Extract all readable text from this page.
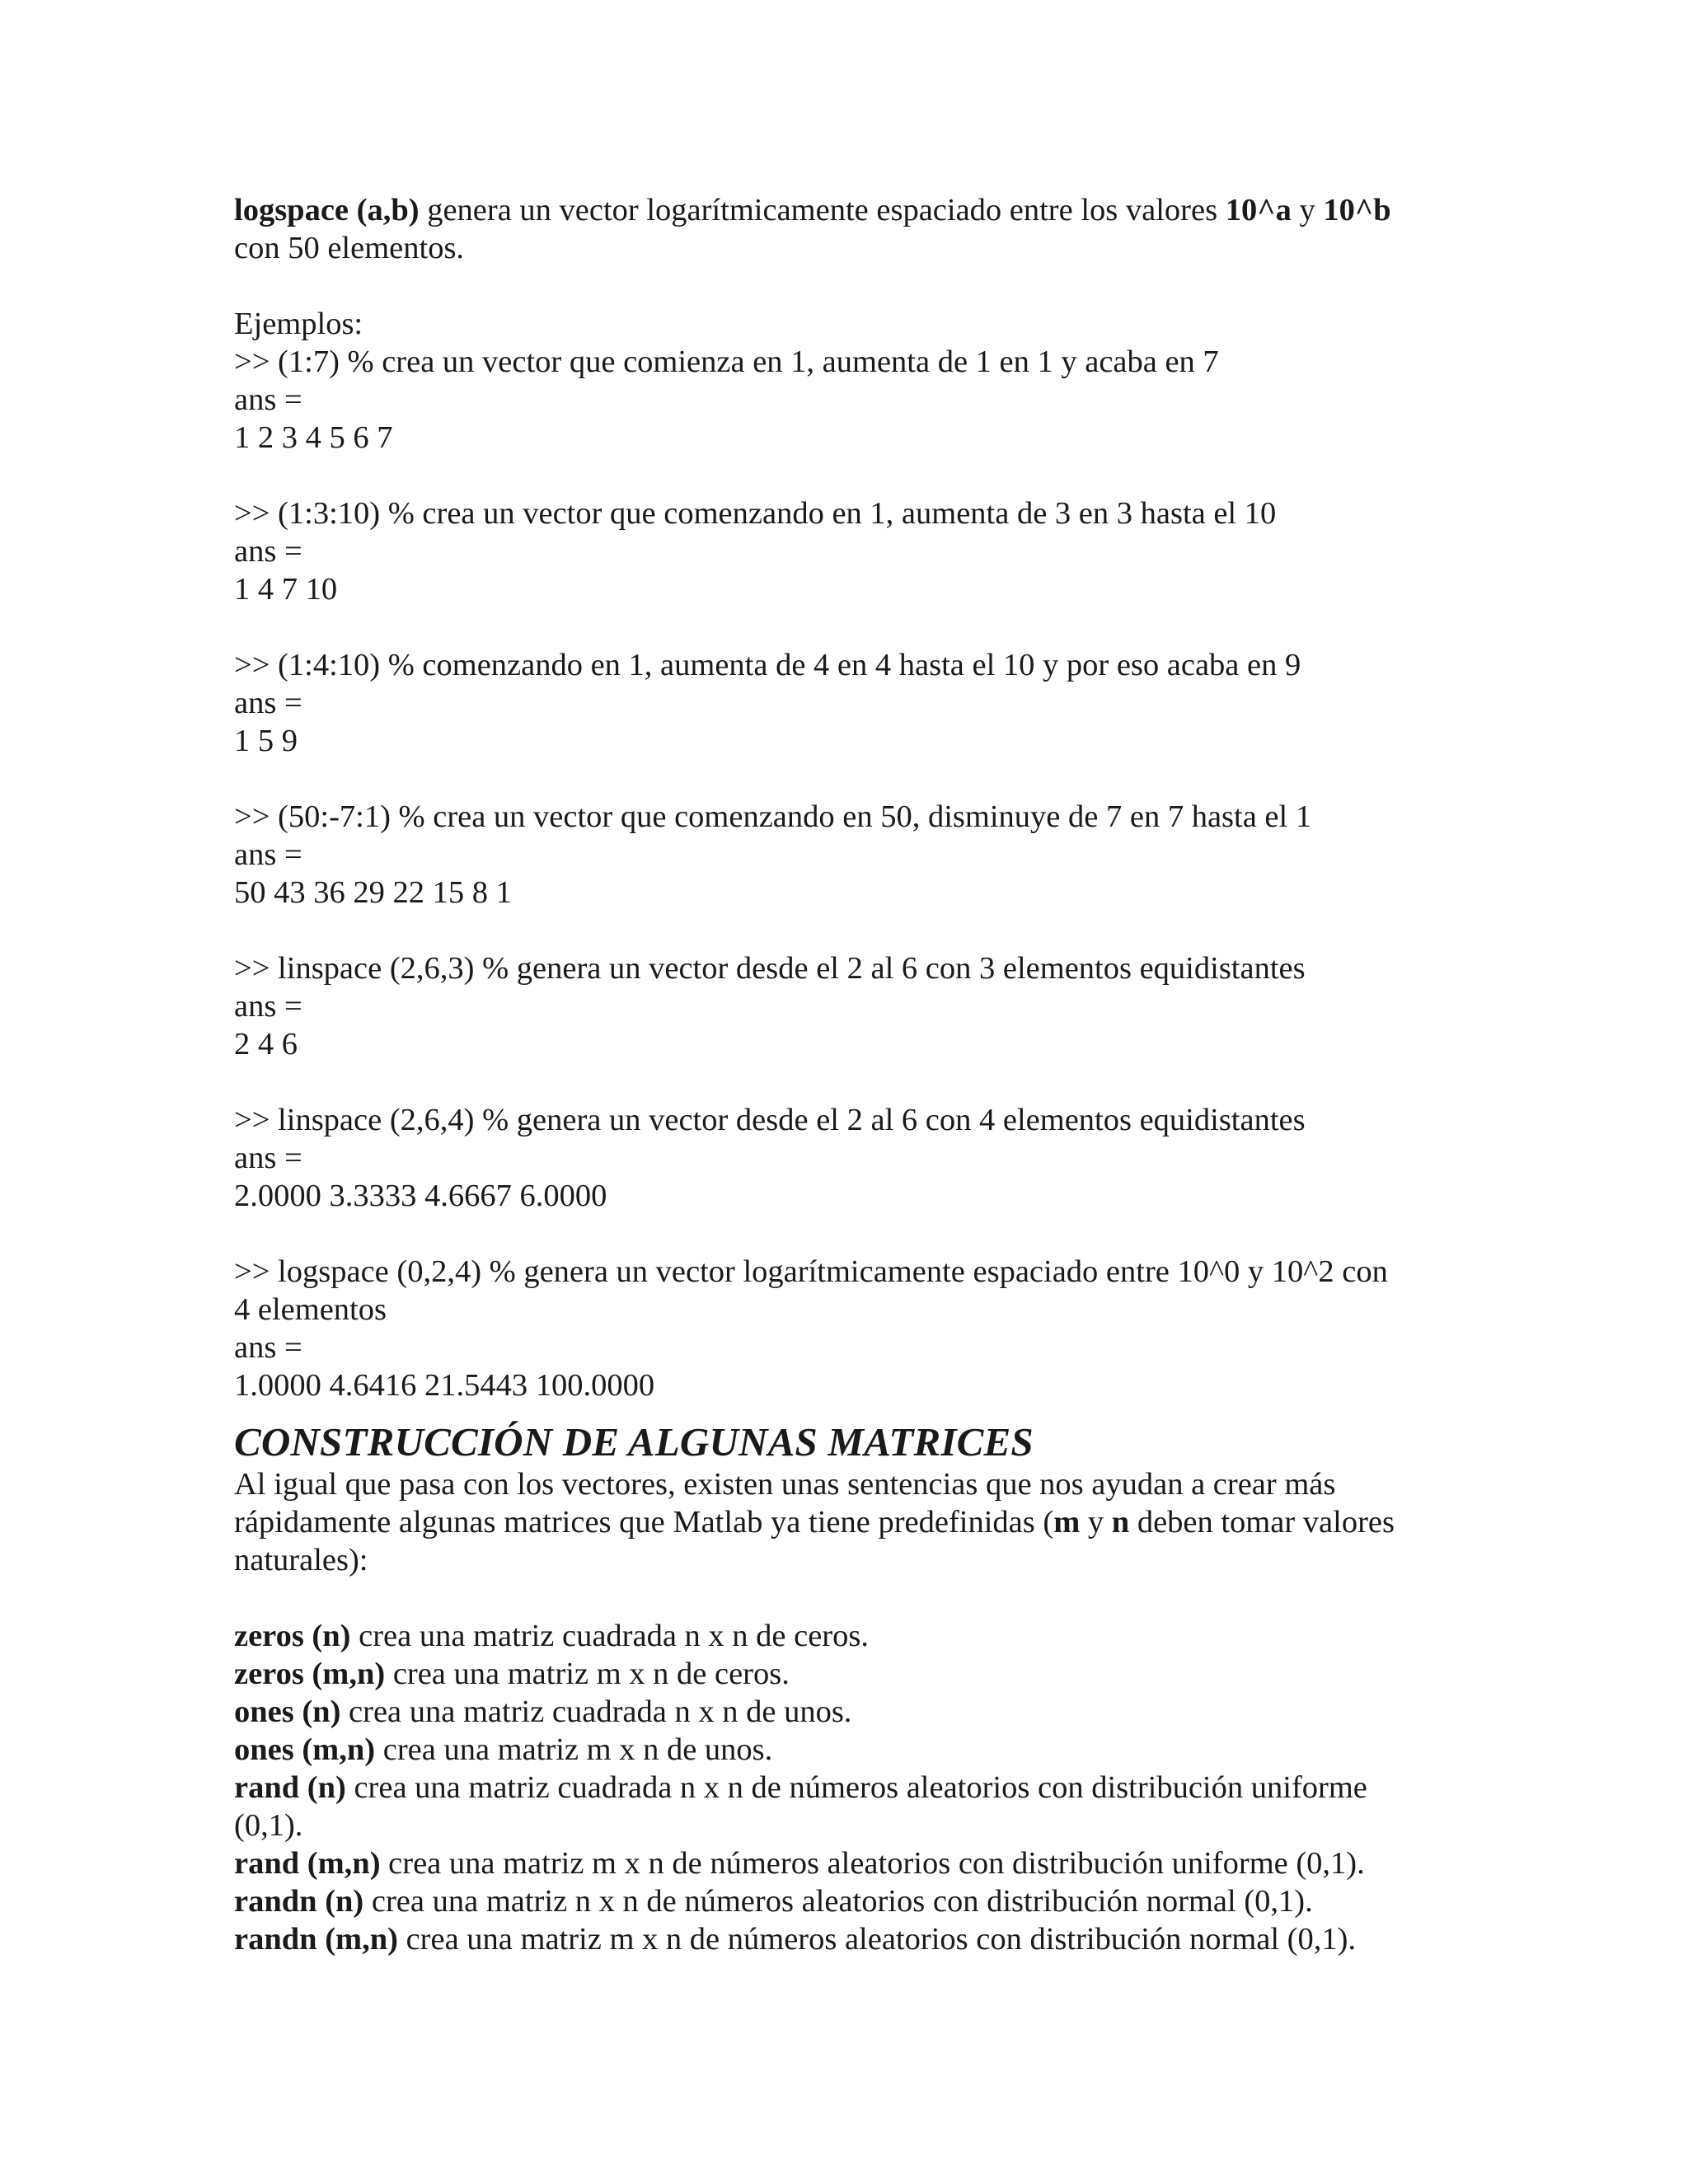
logspace (a,b) genera un vector logarítmicamente espaciado entre los valores 10^a y 10^b
con 50 elementos.
Ejemplos:
>> (1:7) % crea un vector que comienza en 1, aumenta de 1 en 1 y acaba en 7
ans =
1 2 3 4 5 6 7
>> (1:3:10) % crea un vector que comenzando en 1, aumenta de 3 en 3 hasta el 10
ans =
1 4 7 10
>> (1:4:10) % comenzando en 1, aumenta de 4 en 4 hasta el 10 y por eso acaba en 9
ans =
1 5 9
>> (50:-7:1) % crea un vector que comenzando en 50, disminuye de 7 en 7 hasta el 1
ans =
50 43 36 29 22 15 8 1
>> linspace (2,6,3) % genera un vector desde el 2 al 6 con 3 elementos equidistantes
ans =
2 4 6
>> linspace (2,6,4) % genera un vector desde el 2 al 6 con 4 elementos equidistantes
ans =
2.0000 3.3333 4.6667 6.0000
>> logspace (0,2,4) % genera un vector logarítmicamente espaciado entre 10^0 y 10^2 con
4 elementos
ans =
1.0000 4.6416 21.5443 100.0000
CONSTRUCCIÓN DE ALGUNAS MATRICES
Al igual que pasa con los vectores, existen unas sentencias que nos ayudan a crear más
rápidamente algunas matrices que Matlab ya tiene predefinidas (m y n deben tomar valores
naturales):
zeros (n) crea una matriz cuadrada n x n de ceros.
zeros (m,n) crea una matriz m x n de ceros.
ones (n) crea una matriz cuadrada n x n de unos.
ones (m,n) crea una matriz m x n de unos.
rand (n) crea una matriz cuadrada n x n de números aleatorios con distribución uniforme
(0,1).
rand (m,n) crea una matriz m x n de números aleatorios con distribución uniforme (0,1).
randn (n) crea una matriz n x n de números aleatorios con distribución normal (0,1).
randn (m,n) crea una matriz m x n de números aleatorios con distribución normal (0,1).
